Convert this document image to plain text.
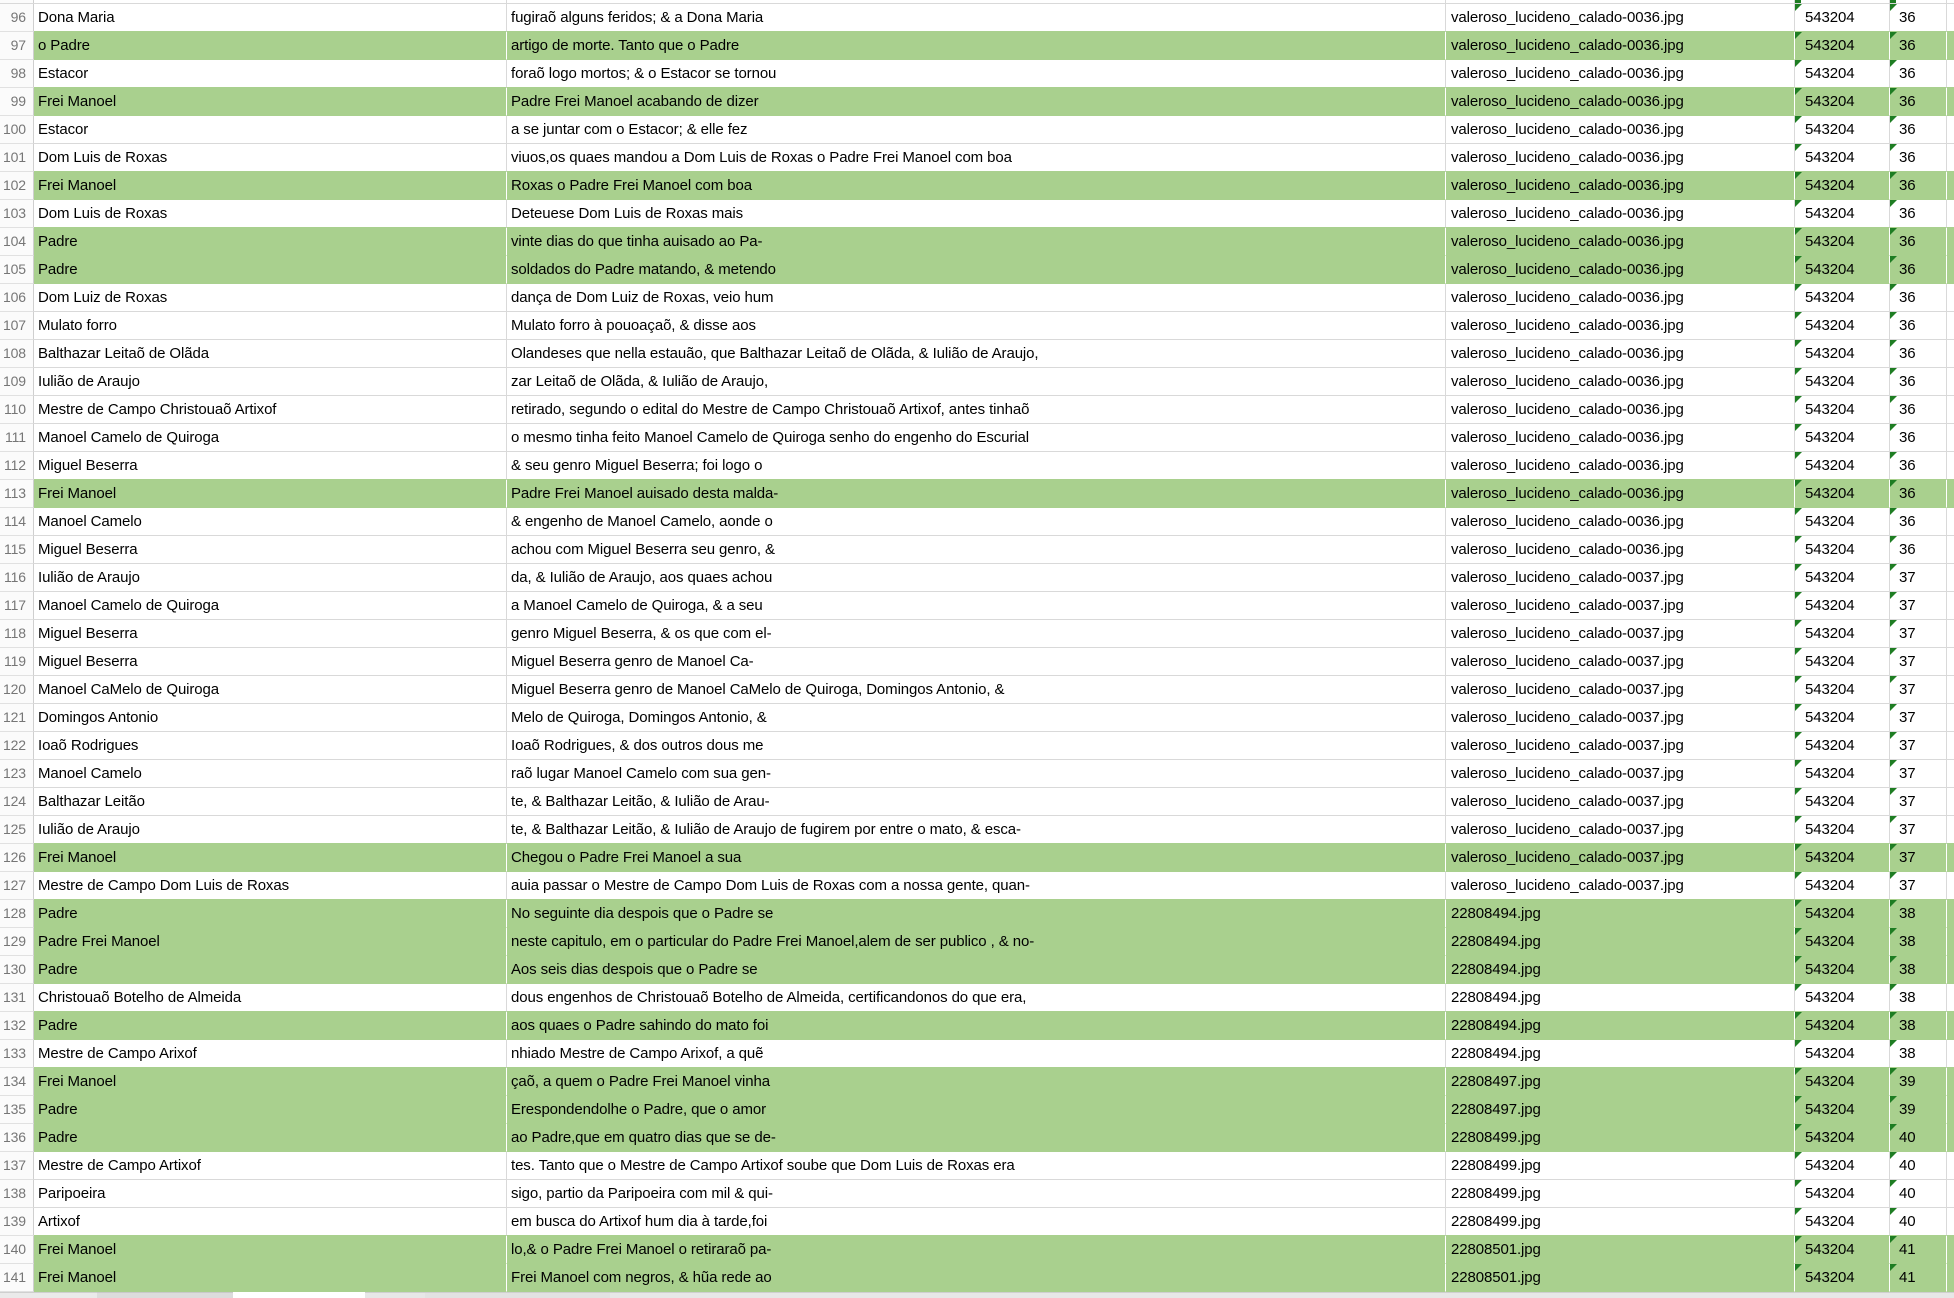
96 Dona Maria	fugiraõ alguns feridos; & a Dona Maria	valeroso_lucideno_calado-0036.jpg	543204	36
97 o Padre	artigo de morte. Tanto que o Padre	valeroso_lucideno_calado-0036.jpg	543204	36
98 Estacor	foraõ logo mortos; & o Estacor se tornou	valeroso_lucideno_calado-0036.jpg	543204	36
99 Frei Manoel	Padre Frei Manoel acabando de dizer	valeroso_lucideno_calado-0036.jpg	543204	36
100 Estacor	a se juntar com o Estacor; & elle fez	valeroso_lucideno_calado-0036.jpg	543204	36
101 Dom Luis de Roxas	viuos,os quaes mandou a Dom Luis de Roxas o Padre Frei Manoel com boa	valeroso_lucideno_calado-0036.jpg	543204	36
102 Frei Manoel	Roxas o Padre Frei Manoel com boa	valeroso_lucideno_calado-0036.jpg	543204	36
103 Dom Luis de Roxas	Deteuese Dom Luis de Roxas mais	valeroso_lucideno_calado-0036.jpg	543204	36
104 Padre	vinte dias do que tinha auisado ao Pa-	valeroso_lucideno_calado-0036.jpg	543204	36
105 Padre	soldados do Padre matando, & metendo	valeroso_lucideno_calado-0036.jpg	543204	36
106 Dom Luiz de Roxas	dança de Dom Luiz de Roxas, veio hum	valeroso_lucideno_calado-0036.jpg	543204	36
107 Mulato forro	Mulato forro à pouoaçaõ, & disse aos	valeroso_lucideno_calado-0036.jpg	543204	36
108 Balthazar Leitaõ de Olãda	Olandeses que nella estauão, que Balthazar Leitaõ de Olãda, & Iulião de Araujo,	valeroso_lucideno_calado-0036.jpg	543204	36
109 Iulião de Araujo	zar Leitaõ de Olãda, & Iulião de Araujo,	valeroso_lucideno_calado-0036.jpg	543204	36
110 Mestre de Campo Christouaõ Artixof	retirado, segundo o edital do Mestre de Campo Christouaõ Artixof, antes tinhaõ	valeroso_lucideno_calado-0036.jpg	543204	36
111 Manoel Camelo de Quiroga	o mesmo tinha feito Manoel Camelo de Quiroga senho do engenho do Escurial	valeroso_lucideno_calado-0036.jpg	543204	36
112 Miguel Beserra	& seu genro Miguel Beserra; foi logo o	valeroso_lucideno_calado-0036.jpg	543204	36
113 Frei Manoel	Padre Frei Manoel auisado desta malda-	valeroso_lucideno_calado-0036.jpg	543204	36
114 Manoel Camelo	& engenho de Manoel Camelo, aonde o	valeroso_lucideno_calado-0036.jpg	543204	36
115 Miguel Beserra	achou com Miguel Beserra seu genro, &	valeroso_lucideno_calado-0036.jpg	543204	36
116 Iulião de Araujo	da, & Iulião de Araujo, aos quaes achou	valeroso_lucideno_calado-0037.jpg	543204	37
117 Manoel Camelo de Quiroga	a Manoel Camelo de Quiroga, & a seu	valeroso_lucideno_calado-0037.jpg	543204	37
118 Miguel Beserra	genro Miguel Beserra, & os que com el-	valeroso_lucideno_calado-0037.jpg	543204	37
119 Miguel Beserra	Miguel Beserra genro de Manoel Ca-	valeroso_lucideno_calado-0037.jpg	543204	37
120 Manoel CaMelo de Quiroga	Miguel Beserra genro de Manoel CaMelo de Quiroga, Domingos Antonio, &	valeroso_lucideno_calado-0037.jpg	543204	37
121 Domingos Antonio	Melo de Quiroga, Domingos Antonio, &	valeroso_lucideno_calado-0037.jpg	543204	37
122 Ioaõ Rodrigues	Ioaõ Rodrigues, & dos outros dous me	valeroso_lucideno_calado-0037.jpg	543204	37
123 Manoel Camelo	raõ lugar Manoel Camelo com sua gen-	valeroso_lucideno_calado-0037.jpg	543204	37
124 Balthazar Leitão	te, & Balthazar Leitão, & Iulião de Arau-	valeroso_lucideno_calado-0037.jpg	543204	37
125 Iulião de Araujo	te, & Balthazar Leitão, & Iulião de Araujo de fugirem por entre o mato, & esca-	valeroso_lucideno_calado-0037.jpg	543204	37
126 Frei Manoel	Chegou o Padre Frei Manoel a sua	valeroso_lucideno_calado-0037.jpg	543204	37
127 Mestre de Campo Dom Luis de Roxas	auia passar o Mestre de Campo Dom Luis de Roxas com a nossa gente, quan-	valeroso_lucideno_calado-0037.jpg	543204	37
128 Padre	No seguinte dia despois que o Padre se	22808494.jpg	543204	38
129 Padre Frei Manoel	neste capitulo, em o particular do Padre Frei Manoel,alem de ser publico , & no-	22808494.jpg	543204	38
130 Padre	Aos seis dias despois que o Padre se	22808494.jpg	543204	38
131 Christouaõ Botelho de Almeida	dous engenhos de Christouaõ Botelho de Almeida, certificandonos do que era,	22808494.jpg	543204	38
132 Padre	aos quaes o Padre sahindo do mato foi	22808494.jpg	543204	38
133 Mestre de Campo Arixof	nhiado Mestre de Campo Arixof, a quẽ	22808494.jpg	543204	38
134 Frei Manoel	çaõ, a quem o Padre Frei Manoel vinha	22808497.jpg	543204	39
135 Padre	Erespondendolhe o Padre, que o amor	22808497.jpg	543204	39
136 Padre	ao Padre,que em quatro dias que se de-	22808499.jpg	543204	40
137 Mestre de Campo Artixof	tes. Tanto que o Mestre de Campo Artixof soube que Dom Luis de Roxas era	22808499.jpg	543204	40
138 Paripoeira	sigo, partio da Paripoeira com mil & qui-	22808499.jpg	543204	40
139 Artixof	em busca do Artixof hum dia à tarde,foi	22808499.jpg	543204	40
140 Frei Manoel	lo,& o Padre Frei Manoel o retiraraõ pa-	22808501.jpg	543204	41
141 Frei Manoel	Frei Manoel com negros, & hũa rede ao	22808501.jpg	543204	41
